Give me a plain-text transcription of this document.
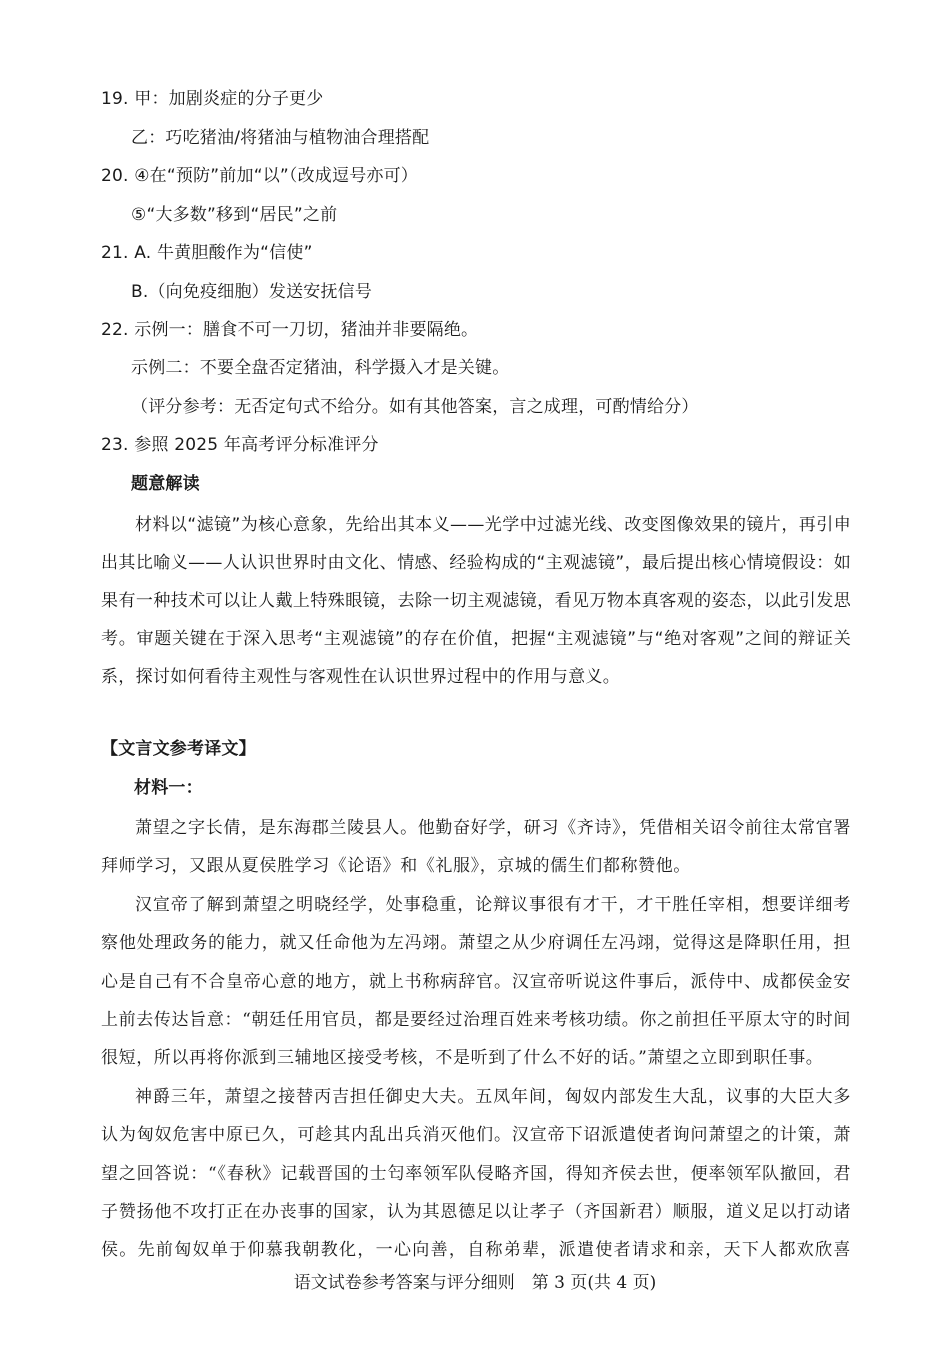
19. 甲：加剧炎症的分子更少
乙：巧吃猪油/将猪油与植物油合理搭配
20. ④在“预防”前加“以”（改成逗号亦可）
⑤“大多数”移到“居民”之前
21. A. 牛黄胆酸作为“信使”
B.（向免疫细胞）发送安抚信号
22. 示例一：膳食不可一刀切，猪油并非要隔绝。
示例二：不要全盘否定猪油，科学摄入才是关键。
（评分参考：无否定句式不给分。如有其他答案，言之成理，可酌情给分）
23. 参照 2025 年高考评分标准评分
题意解读
材料以“滤镜”为核心意象，先给出其本义——光学中过滤光线、改变图像效果的镜片，再引申出其比喻义——人认识世界时由文化、情感、经验构成的“主观滤镜”，最后提出核心情境假设：如果有一种技术可以让人戴上特殊眼镜，去除一切主观滤镜，看见万物本真客观的姿态，以此引发思考。审题关键在于深入思考“主观滤镜”的存在价值，把握“主观滤镜”与“绝对客观”之间的辩证关系，探讨如何看待主观性与客观性在认识世界过程中的作用与意义。
【文言文参考译文】
材料一：
萧望之字长倩，是东海郡兰陵县人。他勤奋好学，研习《齐诗》，凭借相关诏令前往太常官署拜师学习，又跟从夏侯胜学习《论语》和《礼服》，京城的儒生们都称赞他。
汉宣帝了解到萧望之明晓经学，处事稳重，论辩议事很有才干，才干胜任宰相，想要详细考察他处理政务的能力，就又任命他为左冯翊。萧望之从少府调任左冯翊，觉得这是降职任用，担心是自己有不合皇帝心意的地方，就上书称病辞官。汉宣帝听说这件事后，派侍中、成都侯金安上前去传达旨意：“朝廷任用官员，都是要经过治理百姓来考核功绩。你之前担任平原太守的时间很短，所以再将你派到三辅地区接受考核，不是听到了什么不好的话。”萧望之立即到职任事。
神爵三年，萧望之接替丙吉担任御史大夫。五凤年间，匈奴内部发生大乱，议事的大臣大多认为匈奴危害中原已久，可趁其内乱出兵消灭他们。汉宣帝下诏派遣使者询问萧望之的计策，萧望之回答说：“《春秋》记载晋国的士匄率领军队侵略齐国，得知齐侯去世，便率领军队撤回，君子赞扬他不攻打正在办丧事的国家，认为其恩德足以让孝子（齐国新君）顺服，道义足以打动诸侯。先前匈奴单于仰慕我朝教化，一心向善，自称弟辈，派遣使者请求和亲，天下人都欢欣喜
语文试卷参考答案与评分细则　第 3 页(共 4 页)
